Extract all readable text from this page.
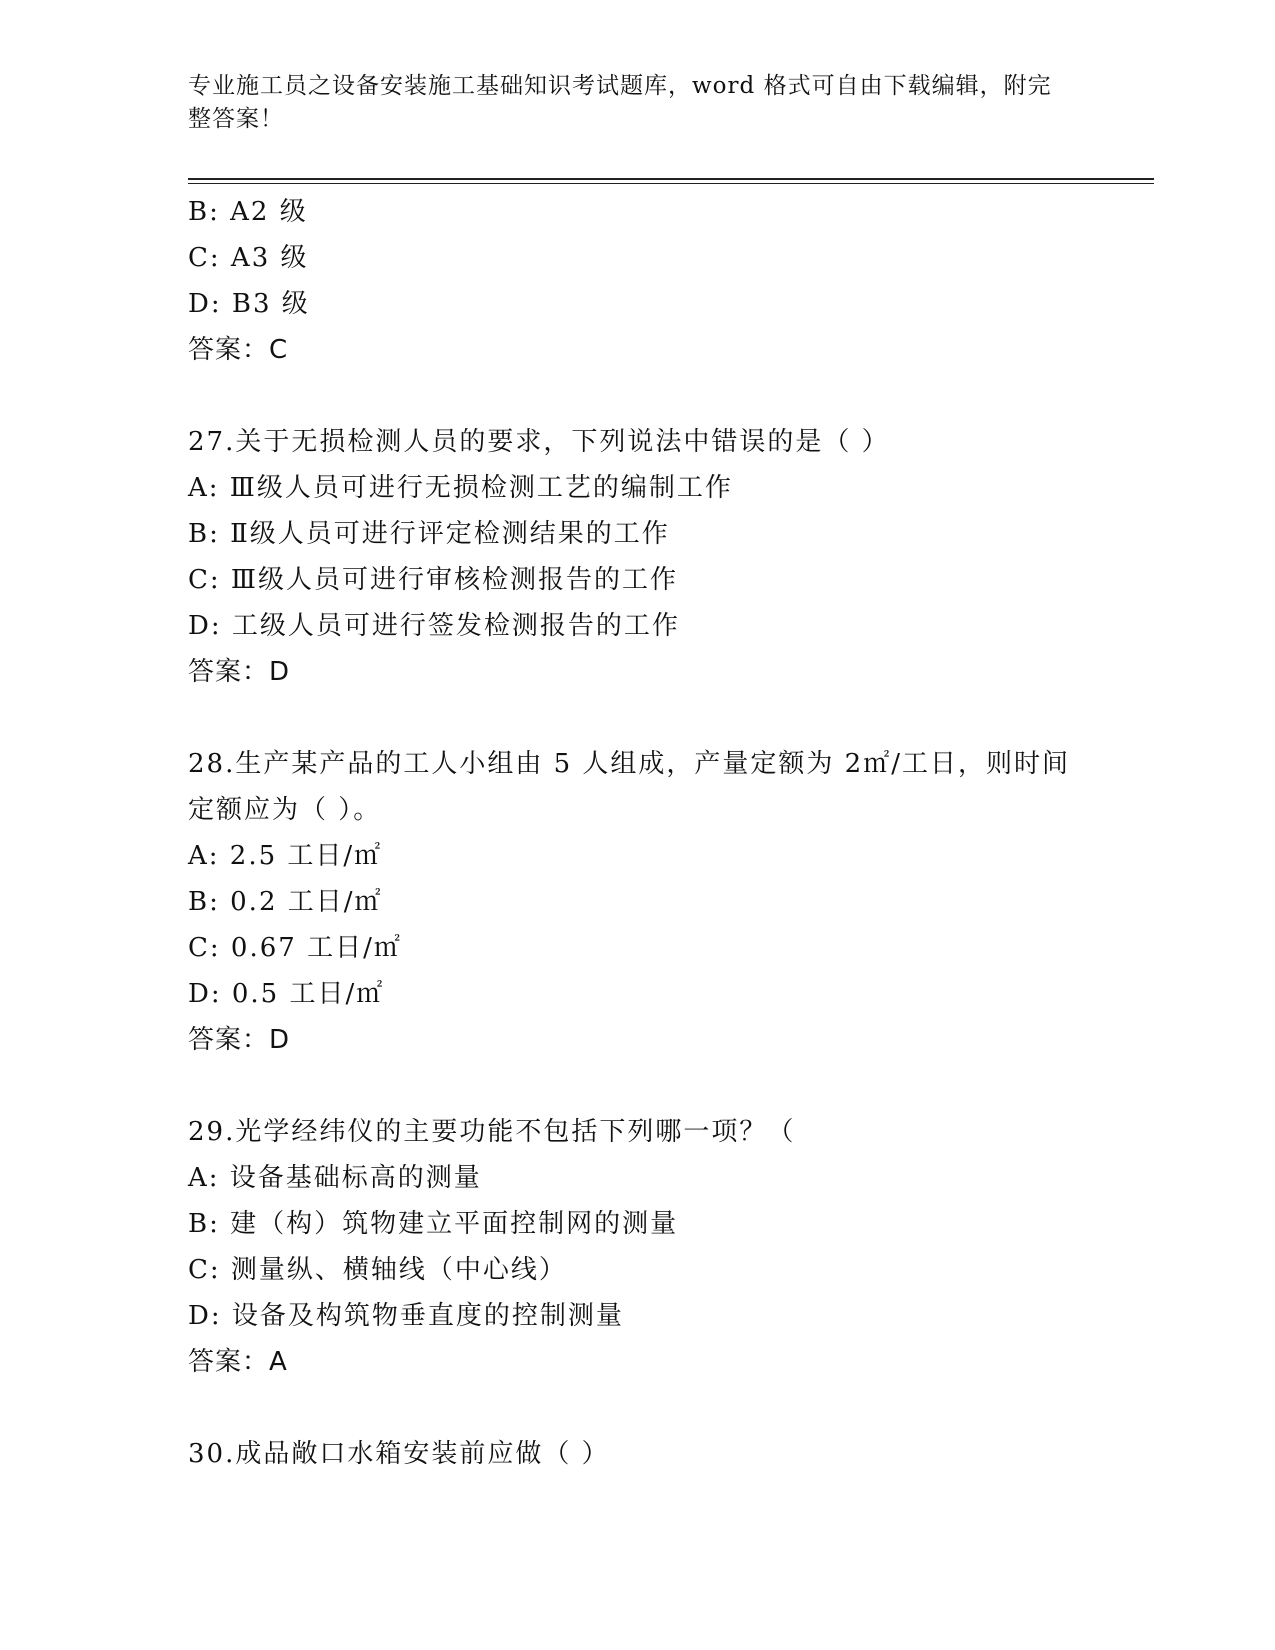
专业施工员之设备安装施工基础知识考试题库，word 格式可自由下载编辑，附完
整答案！
B: A2 级
C: A3 级
D: B3 级
答案：C
27.关于无损检测人员的要求，下列说法中错误的是（ ）
A: Ⅲ级人员可进行无损检测工艺的编制工作
B: Ⅱ级人员可进行评定检测结果的工作
C: Ⅲ级人员可进行审核检测报告的工作
D: 工级人员可进行签发检测报告的工作
答案：D
28.生产某产品的工人小组由 5 人组成，产量定额为 2㎡/工日，则时间
定额应为（ ）。
A: 2.5 工日/㎡
B: 0.2 工日/㎡
C: 0.67 工日/㎡
D: 0.5 工日/㎡
答案：D
29.光学经纬仪的主要功能不包括下列哪一项？（
A: 设备基础标高的测量
B: 建（构）筑物建立平面控制网的测量
C: 测量纵、横轴线（中心线）
D: 设备及构筑物垂直度的控制测量
答案：A
30.成品敞口水箱安装前应做（ ）
